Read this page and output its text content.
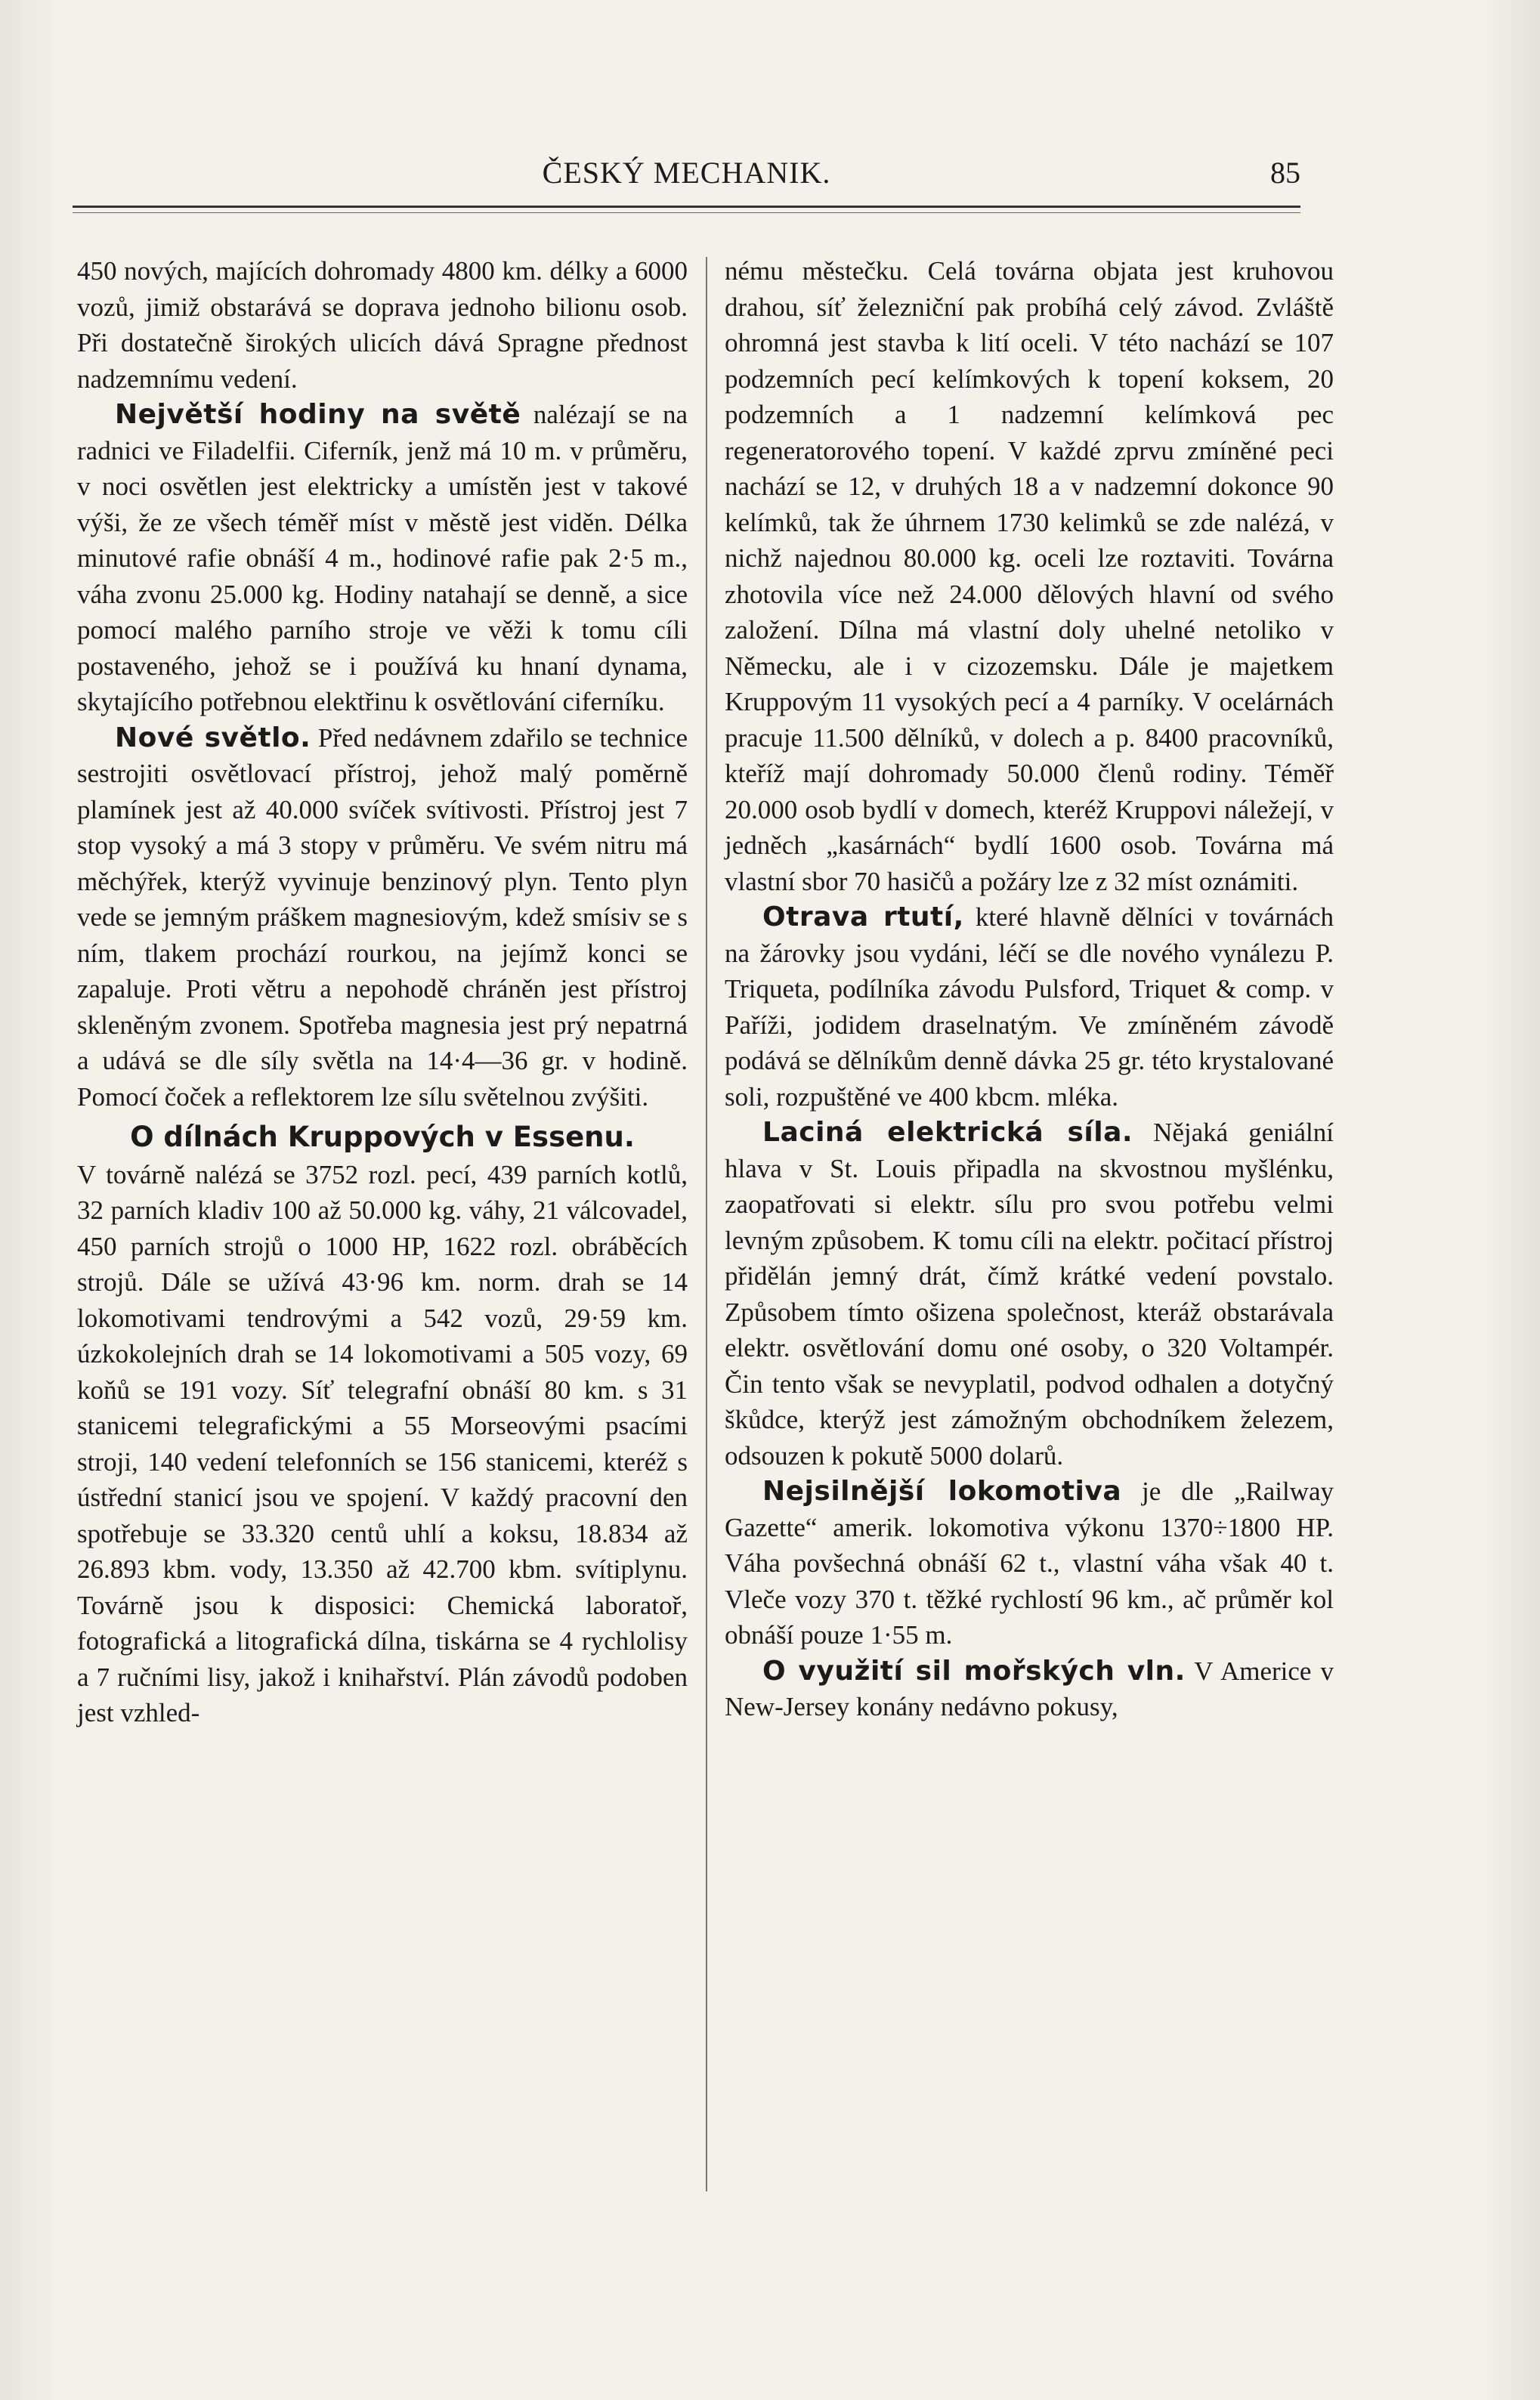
ČESKÝ MECHANIK.	85

450 nových, majících dohromady 4800 km. délky a 6000 vozů, jimiž obstarává se doprava jednoho bilionu osob. Při dostatečně širokých ulicích dává Spragne přednost nadzemnímu vedení.

Největší hodiny na světě nalézají se na radnici ve Filadelfii. Ciferník, jenž má 10 m. v průměru, v noci osvětlen jest elektricky a umístěn jest v takové výši, že ze všech téměř míst v městě jest viděn. Délka minutové rafie obnáší 4 m., hodinové rafie pak 2·5 m., váha zvonu 25.000 kg. Hodiny natahají se denně, a sice pomocí malého parního stroje ve věži k tomu cíli postaveného, jehož se i používá ku hnaní dynama, skytajícího potřebnou elektřinu k osvětlování ciferníku.

Nové světlo. Před nedávnem zdařilo se technice sestrojiti osvětlovací přístroj, jehož malý poměrně plamínek jest až 40.000 svíček svítivosti. Přístroj jest 7 stop vysoký a má 3 stopy v průměru. Ve svém nitru má měchýřek, kterýž vyvinuje benzinový plyn. Tento plyn vede se jemným práškem magnesiovým, kdež smísiv se s ním, tlakem prochází rourkou, na jejímž konci se zapaluje. Proti větru a nepohodě chráněn jest přístroj skleněným zvonem. Spotřeba magnesia jest prý nepatrná a udává se dle síly světla na 14·4—36 gr. v hodině. Pomocí čoček a reflektorem lze sílu světelnou zvýšiti.

O dílnách Kruppových v Essenu.

V továrně nalézá se 3752 rozl. pecí, 439 parních kotlů, 32 parních kladiv 100 až 50.000 kg. váhy, 21 válcovadel, 450 parních strojů o 1000 HP, 1622 rozl. obráběcích strojů. Dále se užívá 43·96 km. norm. drah se 14 lokomotivami tendrovými a 542 vozů, 29·59 km. úzkokolejních drah se 14 lokomotivami a 505 vozy, 69 koňů se 191 vozy. Síť telegrafní obnáší 80 km. s 31 stanicemi telegrafickými a 55 Morseovými psacími stroji, 140 vedení telefonních se 156 stanicemi, kteréž s ústřední stanicí jsou ve spojení. V každý pracovní den spotřebuje se 33.320 centů uhlí a koksu, 18.834 až 26.893 kbm. vody, 13.350 až 42.700 kbm. svítiplynu. Továrně jsou k disposici: Chemická laboratoř, fotografická a litografická dílna, tiskárna se 4 rychlolisy a 7 ručními lisy, jakož i knihařství. Plán závodů podoben jest vzhled-

nému městečku. Celá továrna objata jest kruhovou drahou, síť železniční pak probíhá celý závod. Zvláště ohromná jest stavba k lití oceli. V této nachází se 107 podzemních pecí kelímkových k topení koksem, 20 podzemních a 1 nadzemní kelímková pec regeneratorového topení. V každé zprvu zmíněné peci nachází se 12, v druhých 18 a v nadzemní dokonce 90 kelímků, tak že úhrnem 1730 kelimků se zde nalézá, v nichž najednou 80.000 kg. oceli lze roztaviti. Továrna zhotovila více než 24.000 dělových hlavní od svého založení. Dílna má vlastní doly uhelné netoliko v Německu, ale i v cizozemsku. Dále je majetkem Kruppovým 11 vysokých pecí a 4 parníky. V ocelárnách pracuje 11.500 dělníků, v dolech a p. 8400 pracovníků, kteříž mají dohromady 50.000 členů rodiny. Téměř 20.000 osob bydlí v domech, kteréž Kruppovi náležejí, v jedněch „kasárnách“ bydlí 1600 osob. Továrna má vlastní sbor 70 hasičů a požáry lze z 32 míst oznámiti.

Otrava rtutí, které hlavně dělníci v továrnách na žárovky jsou vydáni, léčí se dle nového vynálezu P. Triqueta, podílníka závodu Pulsford, Triquet & comp. v Paříži, jodidem draselnatým. Ve zmíněném závodě podává se dělníkům denně dávka 25 gr. této krystalované soli, rozpuštěné ve 400 kbcm. mléka.

Laciná elektrická síla. Nějaká geniální hlava v St. Louis připadla na skvostnou myšlénku, zaopatřovati si elektr. sílu pro svou potřebu velmi levným způsobem. K tomu cíli na elektr. počitací přístroj přidělán jemný drát, čímž krátké vedení povstalo. Způsobem tímto ošizena společnost, kteráž obstarávala elektr. osvětlování domu oné osoby, o 320 Voltampér. Čin tento však se nevyplatil, podvod odhalen a dotyčný škůdce, kterýž jest zámožným obchodníkem železem, odsouzen k pokutě 5000 dolarů.

Nejsilnější lokomotiva je dle „Railway Gazette“ amerik. lokomotiva výkonu 1370÷1800 HP. Váha povšechná obnáší 62 t., vlastní váha však 40 t. Vleče vozy 370 t. těžké rychlostí 96 km., ač průměr kol obnáší pouze 1·55 m.

O využití sil mořských vln. V Americe v New-Jersey konány nedávno pokusy,
